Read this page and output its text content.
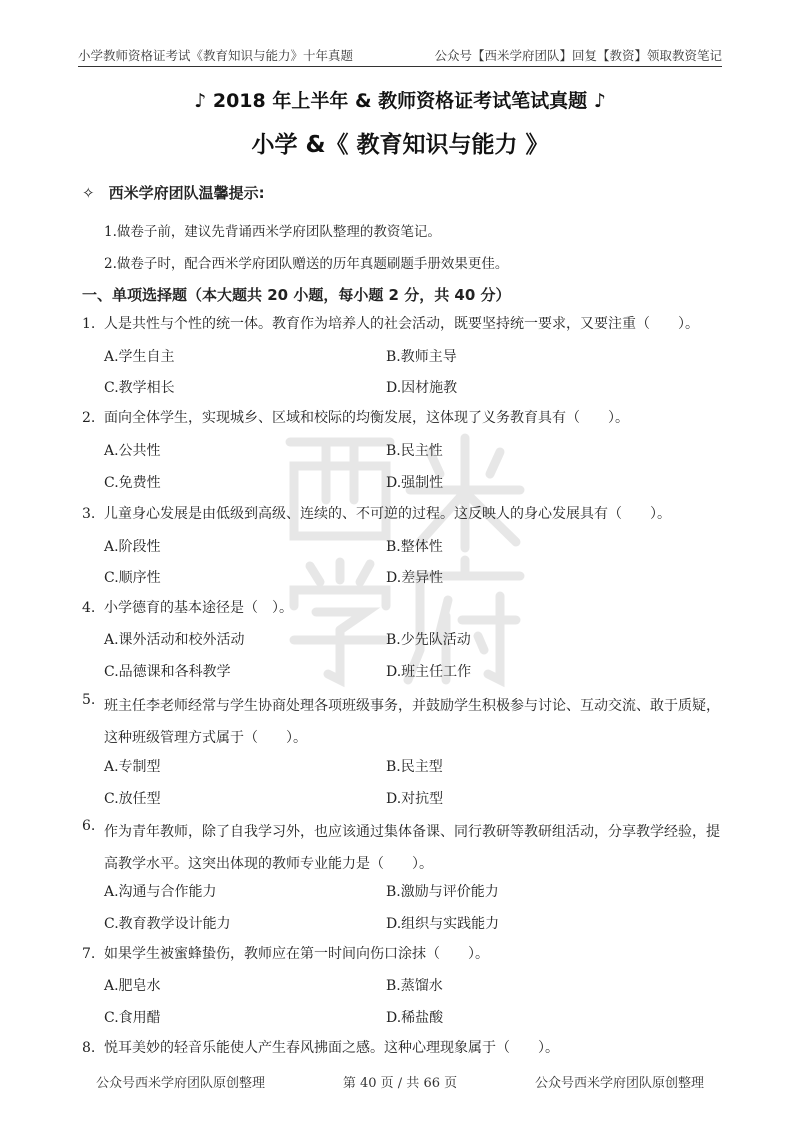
小学教师资格证考试《教育知识与能力》十年真题	公众号【西米学府团队】回复【教资】领取教资笔记
♪ 2018 年上半年 & 教师资格证考试笔试真题 ♪
小学 &《 教育知识与能力 》
✧ 西米学府团队温馨提示:
1.做卷子前，建议先背诵西米学府团队整理的教资笔记。
2.做卷子时，配合西米学府团队赠送的历年真题刷题手册效果更佳。
一、单项选择题（本大题共 20 小题，每小题 2 分，共 40 分）
1. 人是共性与个性的统一体。教育作为培养人的社会活动，既要坚持统一要求，又要注重（　　）。
A.学生自主	B.教师主导
C.教学相长	D.因材施教
2. 面向全体学生，实现城乡、区域和校际的均衡发展，这体现了义务教育具有（　　）。
A.公共性	B.民主性
C.免费性	D.强制性
3. 儿童身心发展是由低级到高级、连续的、不可逆的过程。这反映人的身心发展具有（　　）。
A.阶段性	B.整体性
C.顺序性	D.差异性
4. 小学德育的基本途径是（　）。
A.课外活动和校外活动	B.少先队活动
C.品德课和各科教学	D.班主任工作
5. 班主任李老师经常与学生协商处理各项班级事务，并鼓励学生积极参与讨论、互动交流、敢于质疑，这种班级管理方式属于（　　）。
A.专制型	B.民主型
C.放任型	D.对抗型
6. 作为青年教师，除了自我学习外，也应该通过集体备课、同行教研等教研组活动，分享教学经验，提高教学水平。这突出体现的教师专业能力是（　　）。
A.沟通与合作能力	B.激励与评价能力
C.教育教学设计能力	D.组织与实践能力
7. 如果学生被蜜蜂蛰伤，教师应在第一时间向伤口涂抹（　　）。
A.肥皂水	B.蒸馏水
C.食用醋	D.稀盐酸
8. 悦耳美妙的轻音乐能使人产生春风拂面之感。这种心理现象属于（　　）。
公众号西米学府团队原创整理	第 40 页 / 共 66 页	公众号西米学府团队原创整理
